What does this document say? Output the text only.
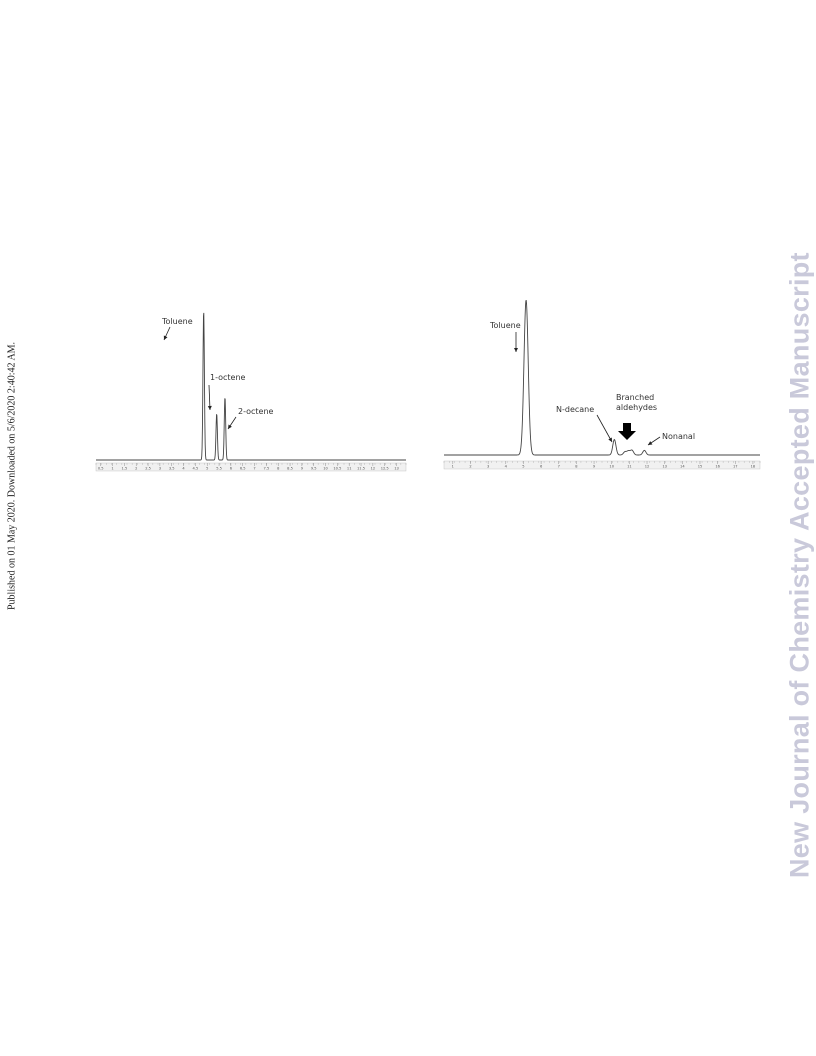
Published on 01 May 2020. Downloaded on 5/6/2020 2:40:42 AM.	New Journal of Chemistry Accepted Manuscript
0.5 1 1.5 2 2.5 3 3.5 4 4.5 5 5.5 6 6.5 7 7.5 8 8.5 9 9.5 10 10.5 11 11.5 12 12.5 13
Toluene
1-octene
2-octene
1	2	3	4	5	6	7	8	9	10	11	12	13	14	15	16	17	18
Toluene
N-decane
Branched aldehydes
Nonanal
